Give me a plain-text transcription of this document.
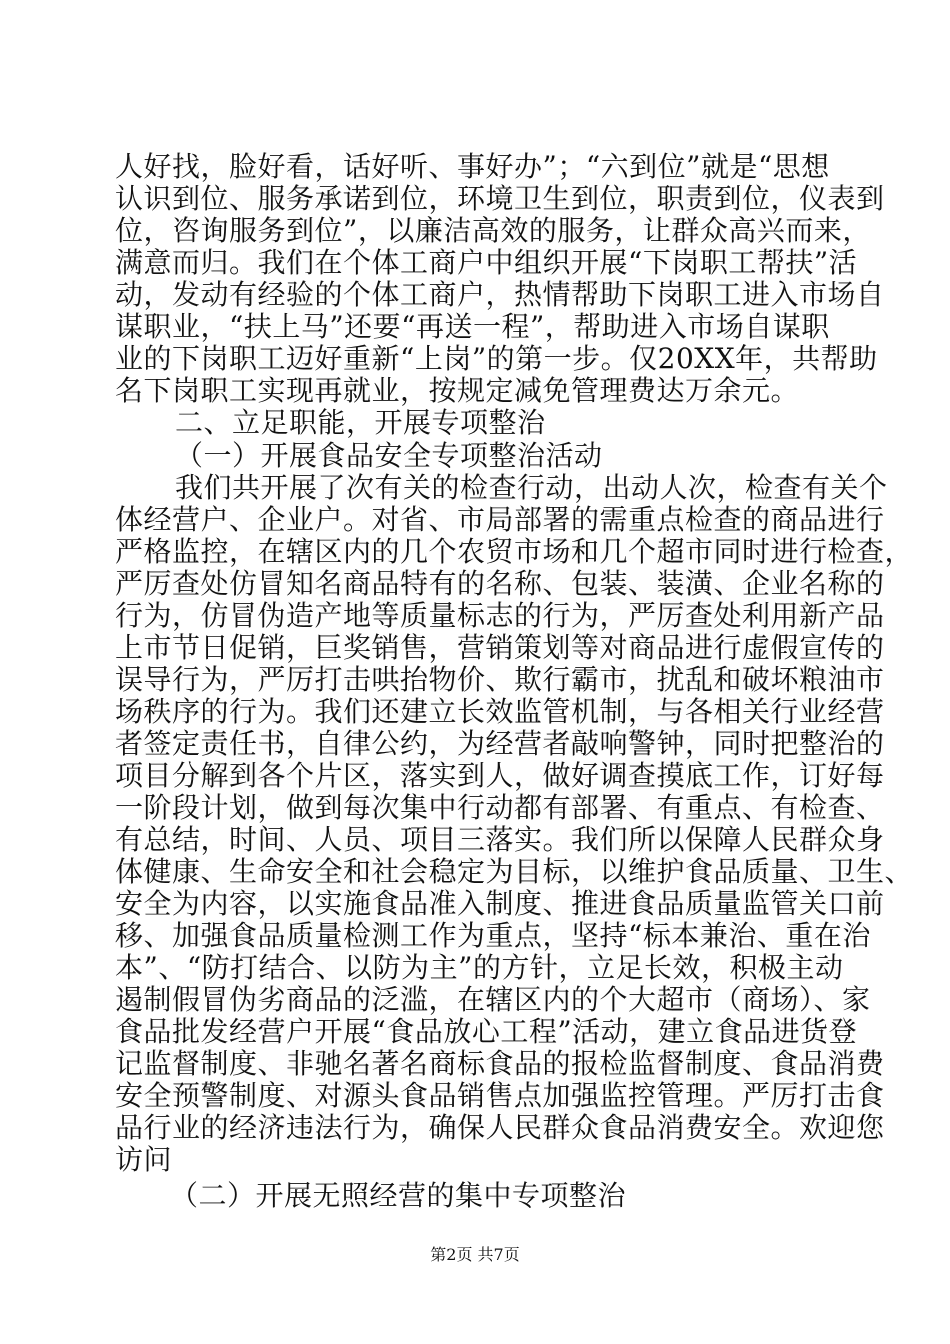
人好找，脸好看，话好听、事好办”；“六到位”就是“思想
认识到位、服务承诺到位，环境卫生到位，职责到位，仪表到
位，咨询服务到位”，以廉洁高效的服务，让群众高兴而来，
满意而归。我们在个体工商户中组织开展“下岗职工帮扶”活
动，发动有经验的个体工商户，热情帮助下岗职工进入市场自
谋职业，“扶上马”还要“再送一程”，帮助进入市场自谋职
业的下岗职工迈好重新“上岗”的第一步。仅20XX年，共帮助
名下岗职工实现再就业，按规定减免管理费达万余元。
二、立足职能，开展专项整治
（一）开展食品安全专项整治活动
我们共开展了次有关的检查行动，出动人次，检查有关个
体经营户、企业户。对省、市局部署的需重点检查的商品进行
严格监控，在辖区内的几个农贸市场和几个超市同时进行检查，
严厉查处仿冒知名商品特有的名称、包装、装潢、企业名称的
行为，仿冒伪造产地等质量标志的行为，严厉查处利用新产品
上市节日促销，巨奖销售，营销策划等对商品进行虚假宣传的
误导行为，严厉打击哄抬物价、欺行霸市，扰乱和破坏粮油市
场秩序的行为。我们还建立长效监管机制，与各相关行业经营
者签定责任书，自律公约，为经营者敲响警钟，同时把整治的
项目分解到各个片区，落实到人，做好调查摸底工作，订好每
一阶段计划，做到每次集中行动都有部署、有重点、有检查、
有总结，时间、人员、项目三落实。我们所以保障人民群众身
体健康、生命安全和社会稳定为目标，以维护食品质量、卫生、
安全为内容，以实施食品准入制度、推进食品质量监管关口前
移、加强食品质量检测工作为重点，坚持“标本兼治、重在治
本”、“防打结合、以防为主”的方针，立足长效，积极主动
遏制假冒伪劣商品的泛滥，在辖区内的个大超市（商场）、家
食品批发经营户开展“食品放心工程”活动，建立食品进货登
记监督制度、非驰名著名商标食品的报检监督制度、食品消费
安全预警制度、对源头食品销售点加强监控管理。严厉打击食
品行业的经济违法行为，确保人民群众食品消费安全。欢迎您
访问
（二）开展无照经营的集中专项整治
第2页 共7页
